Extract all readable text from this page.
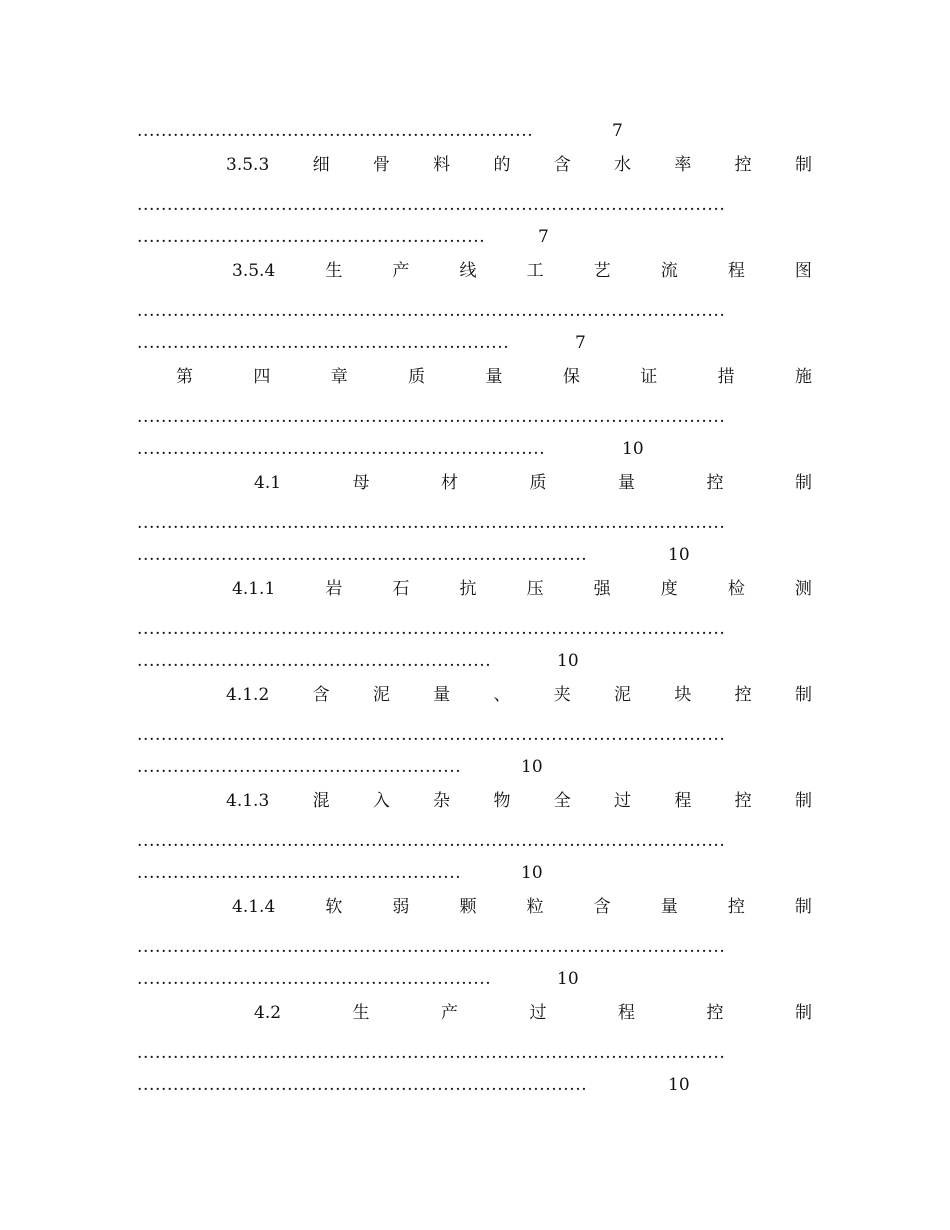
..................................................................	7
3.5.3	细	骨	料	的	含	水	率	控	制
..................................................................................................
..........................................................	7
3.5.4	生	产	线	工	艺	流	程	图
..................................................................................................
..............................................................	7
第	四	章	质	量	保	证	措	施
..................................................................................................
....................................................................	10
4.1	母	材	质	量	控	制
..................................................................................................
...........................................................................	10
4.1.1	岩	石	抗	压	强	度	检	测
..................................................................................................
...........................................................	10
4.1.2	含	泥	量	、	夹	泥	块	控	制
..................................................................................................
......................................................	10
4.1.3	混	入	杂	物	全	过	程	控	制
..................................................................................................
......................................................	10
4.1.4	软	弱	颗	粒	含	量	控	制
..................................................................................................
...........................................................	10
4.2	生	产	过	程	控	制
..................................................................................................
...........................................................................	10
